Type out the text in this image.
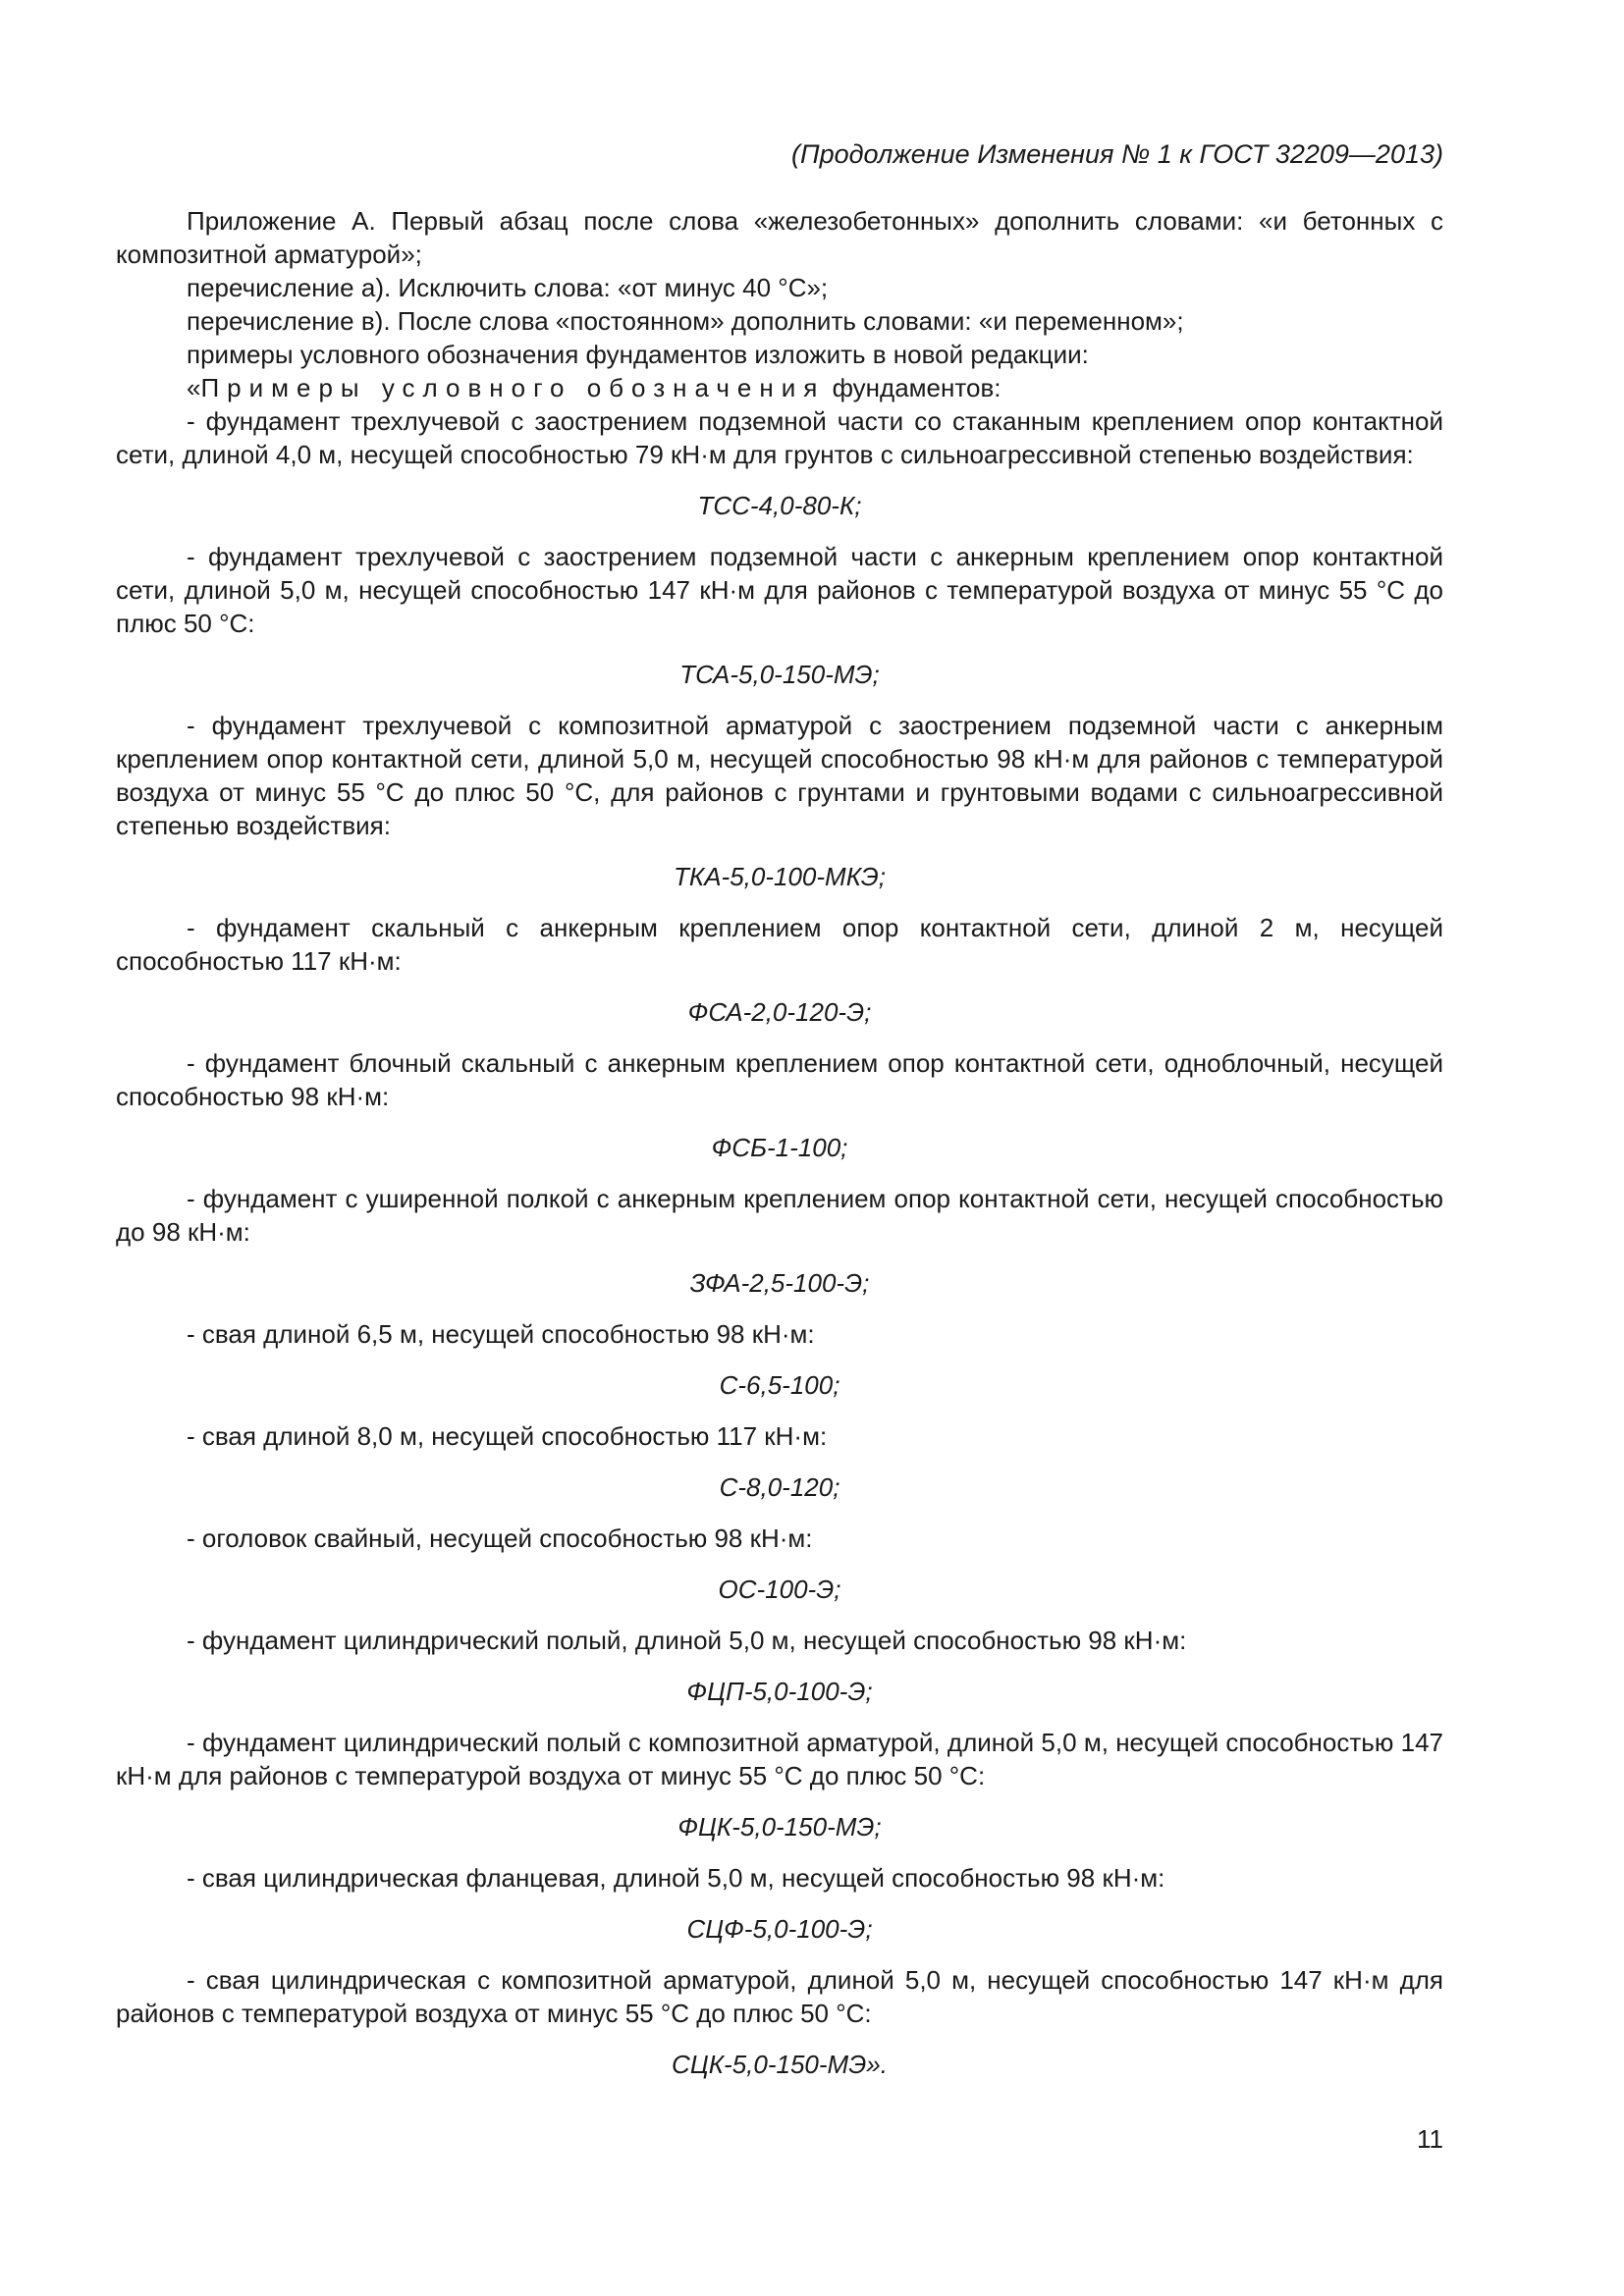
(Продолжение Изменения № 1 к ГОСТ 32209—2013)

Приложение А. Первый абзац после слова «железобетонных» дополнить словами: «и бетонных с композитной арматурой»;

перечисление а). Исключить слова: «от минус 40 °С»;

перечисление в). После слова «постоянном» дополнить словами: «и переменном»;

примеры условного обозначения фундаментов изложить в новой редакции:

«Примеры условного обозначения фундаментов:

- фундамент трехлучевой с заострением подземной части со стаканным креплением опор контактной сети, длиной 4,0 м, несущей способностью 79 кН·м для грунтов с сильноагрессивной степенью воздействия:

ТСС-4,0-80-К;

- фундамент трехлучевой с заострением подземной части с анкерным креплением опор контактной сети, длиной 5,0 м, несущей способностью 147 кН·м для районов с температурой воздуха от минус 55 °С до плюс 50 °С:

ТСА-5,0-150-МЭ;

- фундамент трехлучевой с композитной арматурой с заострением подземной части с анкерным креплением опор контактной сети, длиной 5,0 м, несущей способностью 98 кН·м для районов с температурой воздуха от минус 55 °С до плюс 50 °С, для районов с грунтами и грунтовыми водами с сильноагрессивной степенью воздействия:

ТКА-5,0-100-МКЭ;

- фундамент скальный с анкерным креплением опор контактной сети, длиной 2 м, несущей способностью 117 кН·м:

ФСА-2,0-120-Э;

- фундамент блочный скальный с анкерным креплением опор контактной сети, одноблочный, несущей способностью 98 кН·м:

ФСБ-1-100;

- фундамент с уширенной полкой с анкерным креплением опор контактной сети, несущей способностью до 98 кН·м:

ЗФА-2,5-100-Э;

- свая длиной 6,5 м, несущей способностью 98 кН·м:

С-6,5-100;

- свая длиной 8,0 м, несущей способностью 117 кН·м:

С-8,0-120;

- оголовок свайный, несущей способностью 98 кН·м:

ОС-100-Э;

- фундамент цилиндрический полый, длиной 5,0 м, несущей способностью 98 кН·м:

ФЦП-5,0-100-Э;

- фундамент цилиндрический полый с композитной арматурой, длиной 5,0 м, несущей способностью 147 кН·м для районов с температурой воздуха от минус 55 °С до плюс 50 °С:

ФЦК-5,0-150-МЭ;

- свая цилиндрическая фланцевая, длиной 5,0 м, несущей способностью 98 кН·м:

СЦФ-5,0-100-Э;

- свая цилиндрическая с композитной арматурой, длиной 5,0 м, несущей способностью 147 кН·м для районов с температурой воздуха от минус 55 °С до плюс 50 °С:

СЦК-5,0-150-МЭ».
11
